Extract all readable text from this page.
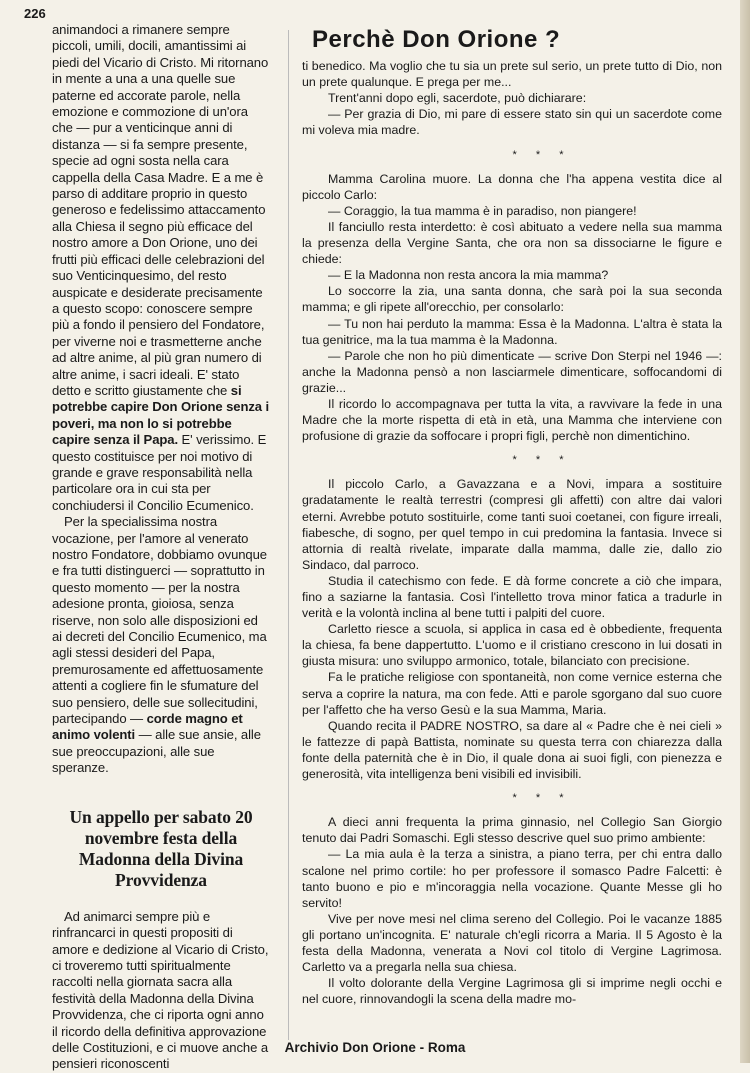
226

animandoci a rimanere sempre piccoli, umili, docili, amantissimi ai piedi del Vicario di Cristo. Mi ritornano in mente a una a una quelle sue paterne ed accorate parole, nella emozione e commozione di un'ora che — pur a venticinque anni di distanza — si fa sempre presente, specie ad ogni sosta nella cara cappella della Casa Madre. E a me è parso di additare proprio in questo generoso e fedelissimo attaccamento alla Chiesa il segno più efficace del nostro amore a Don Orione, uno dei frutti più efficaci delle celebrazioni del suo Venticinquesimo, del resto auspicate e desiderate precisamente a questo scopo: conoscere sempre più a fondo il pensiero del Fondatore, per viverne noi e trasmetterne anche ad altre anime, al più gran numero di altre anime, i sacri ideali. E' stato detto e scritto giustamente che si potrebbe capire Don Orione senza i poveri, ma non lo si potrebbe capire senza il Papa. E' verissimo. E questo costituisce per noi motivo di grande e grave responsabilità nella particolare ora in cui sta per conchiudersi il Concilio Ecumenico.

Per la specialissima nostra vocazione, per l'amore al venerato nostro Fondatore, dobbiamo ovunque e fra tutti distinguerci — soprattutto in questo momento — per la nostra adesione pronta, gioiosa, senza riserve, non solo alle disposizioni ed ai decreti del Concilio Ecumenico, ma agli stessi desideri del Papa, premurosamente ed affettuosamente attenti a cogliere fin le sfumature del suo pensiero, delle sue sollecitudini, partecipando — corde magno et animo volenti — alle sue ansie, alle sue preoccupazioni, alle sue speranze.

Un appello per sabato 20 novembre festa della Madonna della Divina Provvidenza

Ad animarci sempre più e rinfrancarci in questi propositi di amore e dedizione al Vicario di Cristo, ci troveremo tutti spiritualmente raccolti nella giornata sacra alla festività della Madonna della Divina Provvidenza, che ci riporta ogni anno il ricordo della definitiva approvazione delle Costituzioni, e ci muove anche a pensieri riconoscenti

Perchè Don Orione ?

ti benedico. Ma voglio che tu sia un prete sul serio, un prete tutto di Dio, non un prete qualunque. E prega per me...

Trent'anni dopo egli, sacerdote, può dichiarare:

— Per grazia di Dio, mi pare di essere stato sin qui un sacerdote come mi voleva mia madre.

* * *

Mamma Carolina muore. La donna che l'ha appena vestita dice al piccolo Carlo:

— Coraggio, la tua mamma è in paradiso, non piangere!

Il fanciullo resta interdetto: è così abituato a vedere nella sua mamma la presenza della Vergine Santa, che ora non sa dissociarne le figure e chiede:

— E la Madonna non resta ancora la mia mamma?

Lo soccorre la zia, una santa donna, che sarà poi la sua seconda mamma; e gli ripete all'orecchio, per consolarlo:

— Tu non hai perduto la mamma: Essa è la Madonna. L'altra è stata la tua genitrice, ma la tua mamma è la Madonna.

— Parole che non ho più dimenticate — scrive Don Sterpi nel 1946 —: anche la Madonna pensò a non lasciarmele dimenticare, soffocandomi di grazie...

Il ricordo lo accompagnava per tutta la vita, a ravvivare la fede in una Madre che la morte rispetta di età in età, una Mamma che interviene con profusione di grazie da soffocare i propri figli, perchè non dimentichino.

* * *

Il piccolo Carlo, a Gavazzana e a Novi, impara a sostituire gradatamente le realtà terrestri (compresi gli affetti) con altre dai valori eterni. Avrebbe potuto sostituirle, come tanti suoi coetanei, con figure irreali, fiabesche, di sogno, per quel tempo in cui predomina la fantasia. Invece si attornia di realtà rivelate, imparate dalla mamma, dalle zie, dallo zio Sindaco, dal parroco.

Studia il catechismo con fede. E dà forme concrete a ciò che impara, fino a saziarne la fantasia. Così l'intelletto trova minor fatica a tradurle in verità e la volontà inclina al bene tutti i palpiti del cuore.

Carletto riesce a scuola, si applica in casa ed è obbediente, frequenta la chiesa, fa bene dappertutto. L'uomo e il cristiano crescono in lui dosati in giusta misura: uno sviluppo armonico, totale, bilanciato con precisione.

Fa le pratiche religiose con spontaneità, non come vernice esterna che serva a coprire la natura, ma con fede. Atti e parole sgorgano dal suo cuore per l'affetto che ha verso Gesù e la sua Mamma, Maria.

Quando recita il PADRE NOSTRO, sa dare al « Padre che è nei cieli » le fattezze di papà Battista, nominate su questa terra con chiarezza dalla fonte della paternità che è in Dio, il quale dona ai suoi figli, con pienezza e generosità, vita intelligenza beni visibili ed invisibili.

* * *

A dieci anni frequenta la prima ginnasio, nel Collegio San Giorgio tenuto dai Padri Somaschi. Egli stesso descrive quel suo primo ambiente:

— La mia aula è la terza a sinistra, a piano terra, per chi entra dallo scalone nel primo cortile: ho per professore il somasco Padre Falcetti: è tanto buono e pio e m'incoraggia nella vocazione. Quante Messe gli ho servito!

Vive per nove mesi nel clima sereno del Collegio. Poi le vacanze 1885 gli portano un'incognita. E' naturale ch'egli ricorra a Maria. Il 5 Agosto è la festa della Madonna, venerata a Novi col titolo di Vergine Lagrimosa. Carletto va a pregarla nella sua chiesa.

Il volto dolorante della Vergine Lagrimosa gli si imprime negli occhi e nel cuore, rinnovandogli la scena della madre mo-

Archivio Don Orione - Roma
